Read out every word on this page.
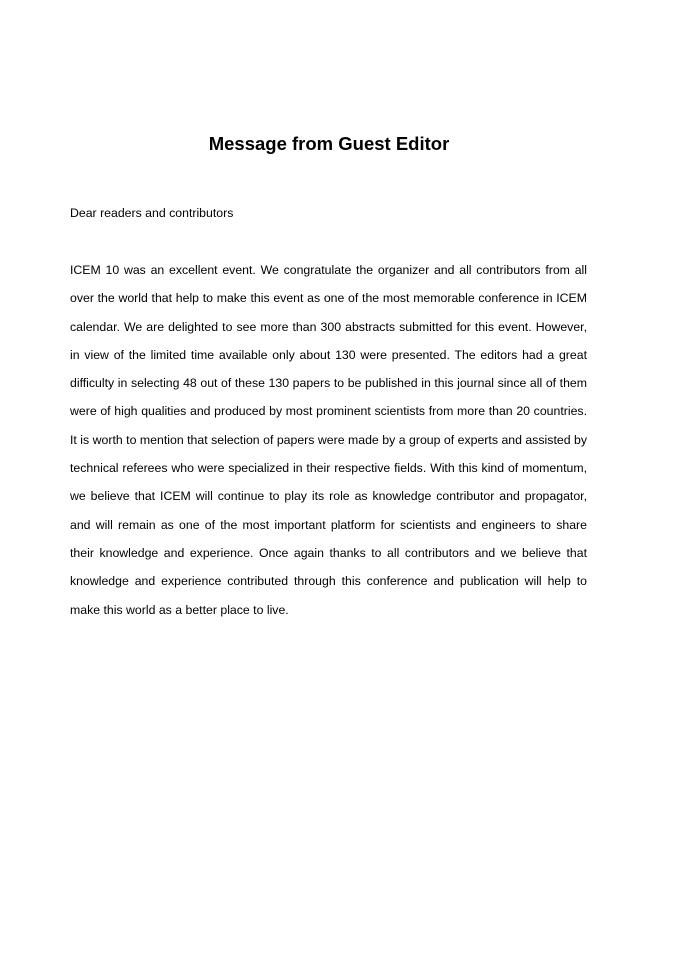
Message from Guest Editor

Dear readers and contributors

ICEM 10 was an excellent event. We congratulate the organizer and all contributors from all over the world that help to make this event as one of the most memorable conference in ICEM calendar. We are delighted to see more than 300 abstracts submitted for this event. However, in view of the limited time available only about 130 were presented. The editors had a great difficulty in selecting 48 out of these 130 papers to be published in this journal since all of them were of high qualities and produced by most prominent scientists from more than 20 countries. It is worth to mention that selection of papers were made by a group of experts and assisted by technical referees who were specialized in their respective fields. With this kind of momentum, we believe that ICEM will continue to play its role as knowledge contributor and propagator, and will remain as one of the most important platform for scientists and engineers to share their knowledge and experience. Once again thanks to all contributors and we believe that knowledge and experience contributed through this conference and publication will help to make this world as a better place to live.
